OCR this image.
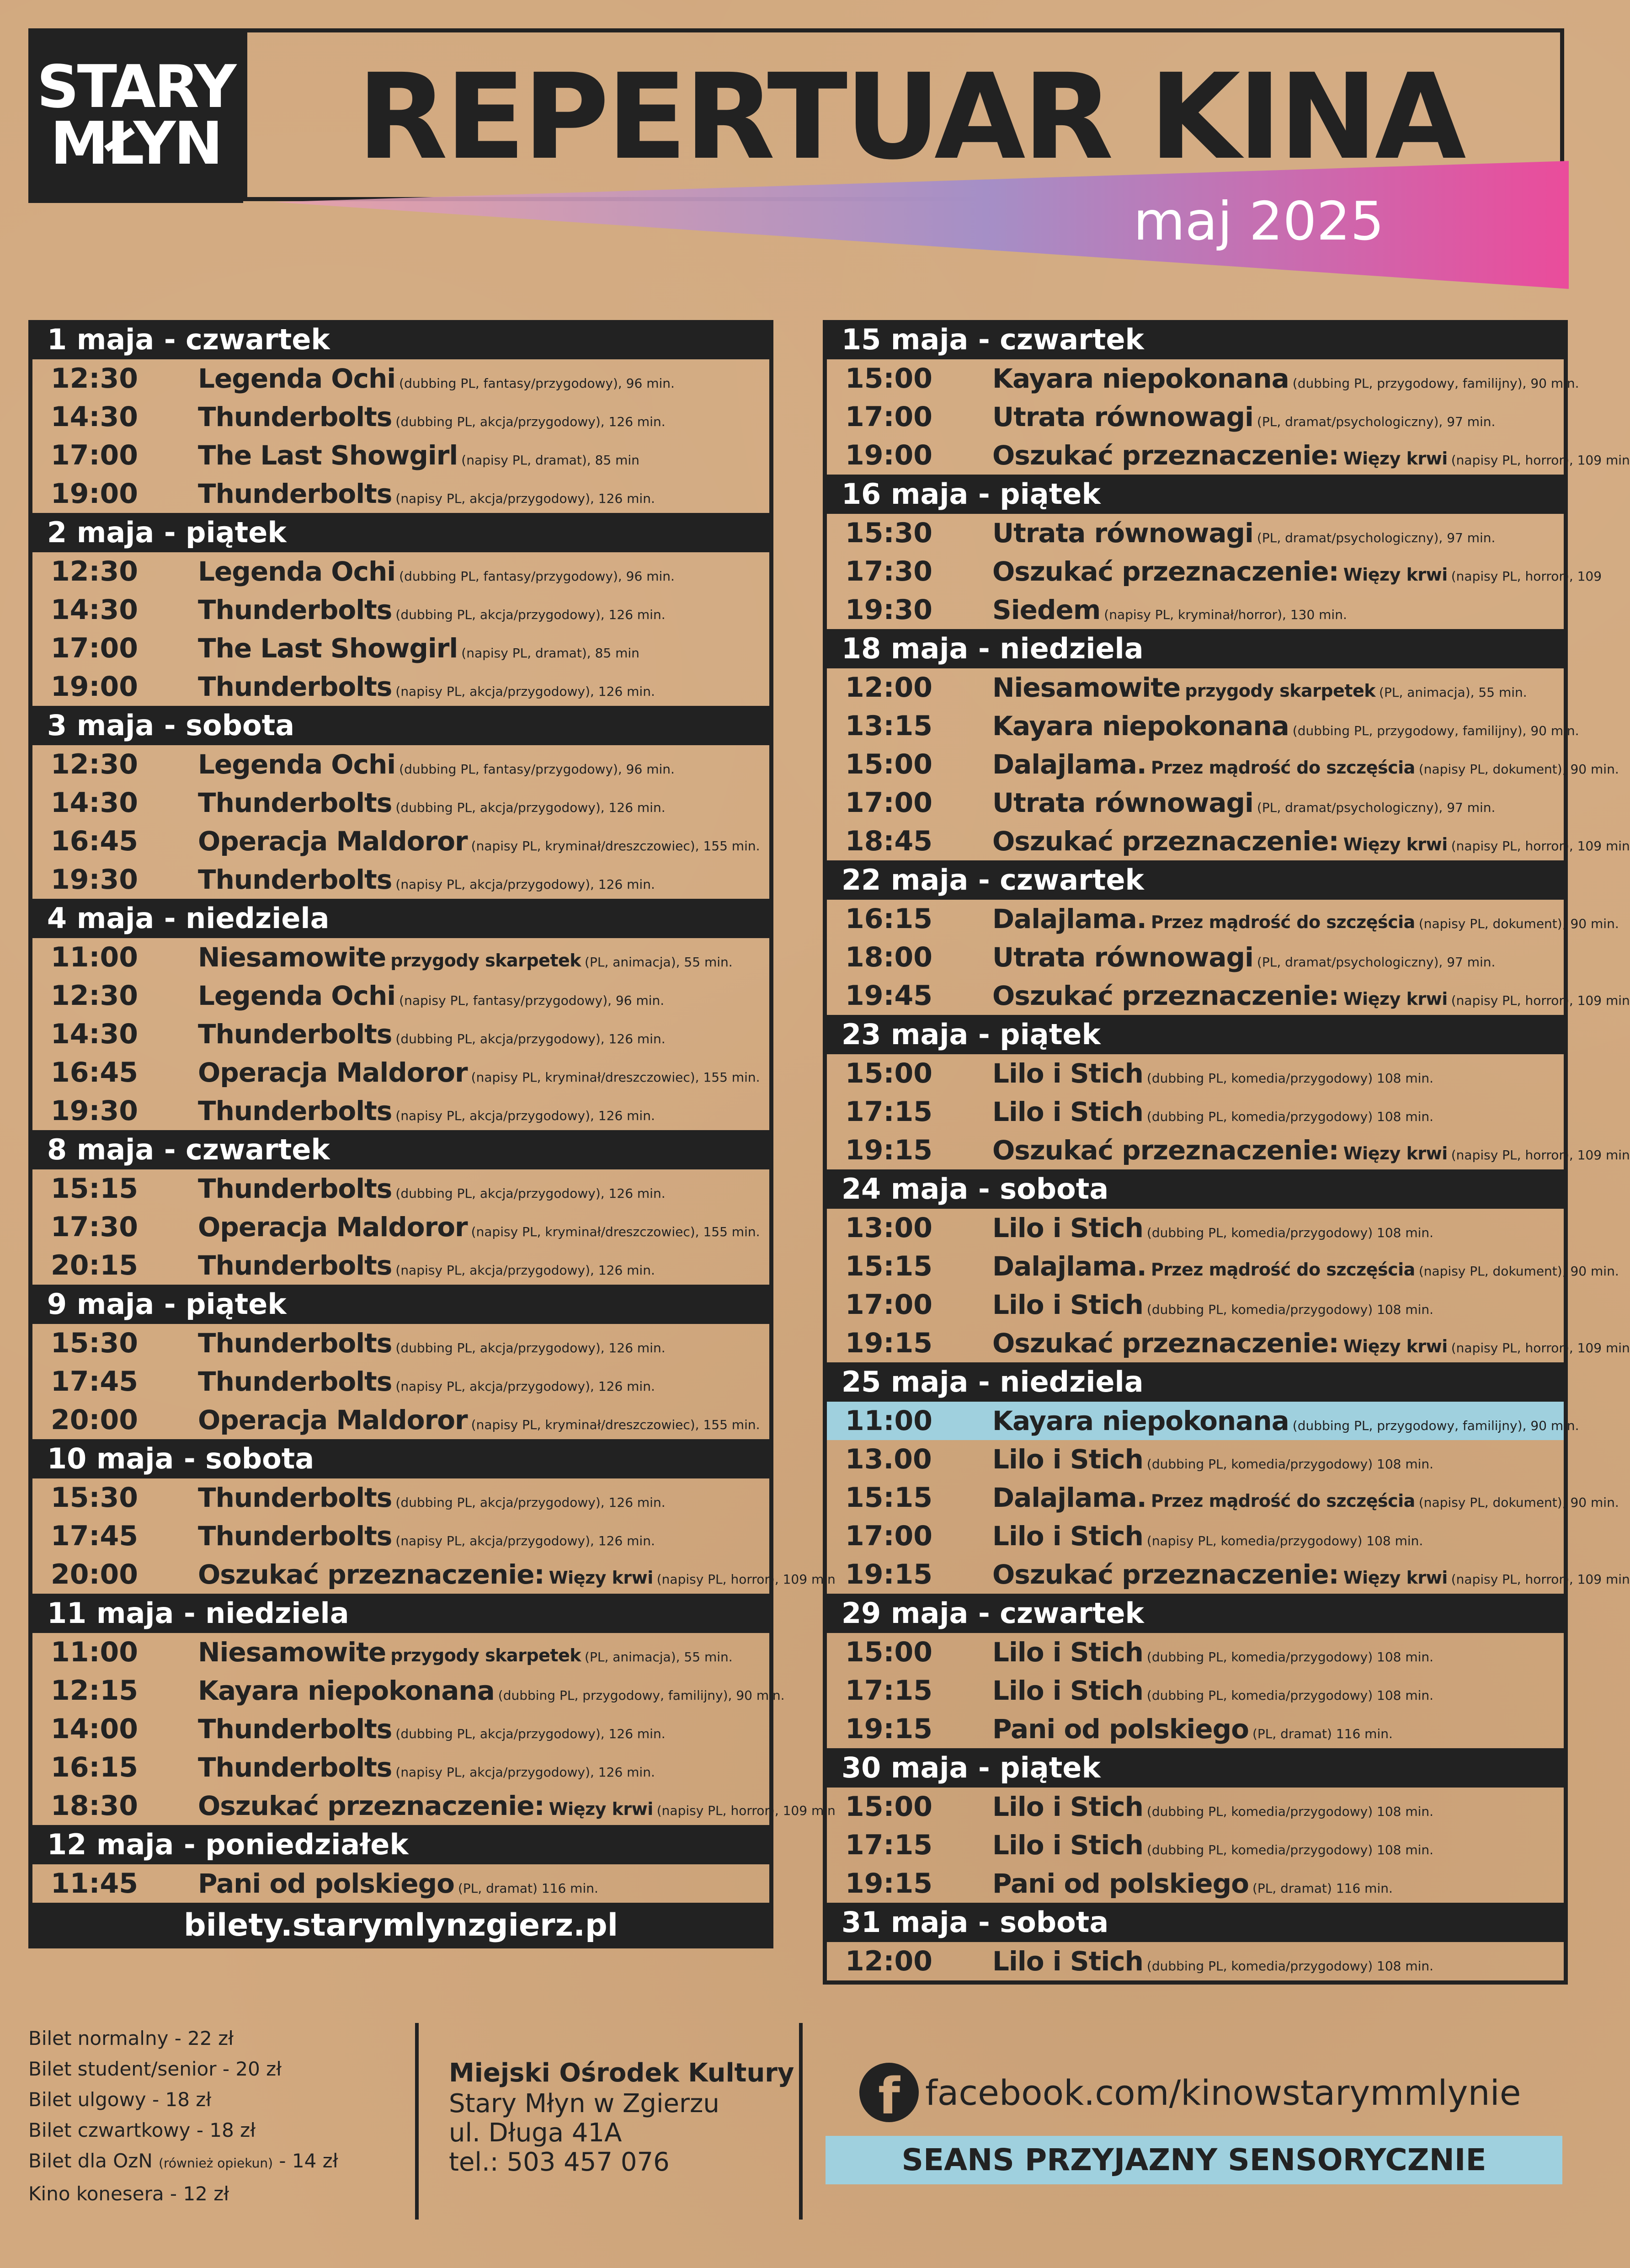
STARY
MŁYN REPERTUAR KINA
maj 2025
1 maja - czwartek
12:30	Legenda Ochi (dubbing PL, fantasy/przygodowy), 96 min.
14:30	Thunderbolts (dubbing PL, akcja/przygodowy), 126 min.
17:00	The Last Showgirl (napisy PL, dramat), 85 min
19:00	Thunderbolts (napisy PL, akcja/przygodowy), 126 min.
2 maja - piątek
12:30	Legenda Ochi (dubbing PL, fantasy/przygodowy), 96 min.
14:30	Thunderbolts (dubbing PL, akcja/przygodowy), 126 min.
17:00	The Last Showgirl (napisy PL, dramat), 85 min
19:00	Thunderbolts (napisy PL, akcja/przygodowy), 126 min.
3 maja - sobota
12:30	Legenda Ochi (dubbing PL, fantasy/przygodowy), 96 min.
14:30	Thunderbolts (dubbing PL, akcja/przygodowy), 126 min.
16:45	Operacja Maldoror (napisy PL, kryminał/dreszczowiec), 155 min.
19:30	Thunderbolts (napisy PL, akcja/przygodowy), 126 min.
4 maja - niedziela
11:00	Niesamowite przygody skarpetek (PL, animacja), 55 min.
12:30	Legenda Ochi (napisy PL, fantasy/przygodowy), 96 min.
14:30	Thunderbolts (dubbing PL, akcja/przygodowy), 126 min.
16:45	Operacja Maldoror (napisy PL, kryminał/dreszczowiec), 155 min.
19:30	Thunderbolts (napisy PL, akcja/przygodowy), 126 min.
8 maja - czwartek
15:15	Thunderbolts (dubbing PL, akcja/przygodowy), 126 min.
17:30	Operacja Maldoror (napisy PL, kryminał/dreszczowiec), 155 min.
20:15	Thunderbolts (napisy PL, akcja/przygodowy), 126 min.
9 maja - piątek
15:30	Thunderbolts (dubbing PL, akcja/przygodowy), 126 min.
17:45	Thunderbolts (napisy PL, akcja/przygodowy), 126 min.
20:00	Operacja Maldoror (napisy PL, kryminał/dreszczowiec), 155 min.
10 maja - sobota
15:30	Thunderbolts (dubbing PL, akcja/przygodowy), 126 min.
17:45	Thunderbolts (napisy PL, akcja/przygodowy), 126 min.
20:00	Oszukać przeznaczenie: Więzy krwi (napisy PL, horror), 109 min
11 maja - niedziela
11:00	Niesamowite przygody skarpetek (PL, animacja), 55 min.
12:15	Kayara niepokonana (dubbing PL, przygodowy, familijny), 90 min.
14:00	Thunderbolts (dubbing PL, akcja/przygodowy), 126 min.
16:15	Thunderbolts (napisy PL, akcja/przygodowy), 126 min.
18:30	Oszukać przeznaczenie: Więzy krwi (napisy PL, horror), 109 min
12 maja - poniedziałek
11:45	Pani od polskiego (PL, dramat) 116 min.
bilety.starymlynzgierz.pl
15 maja - czwartek
15:00	Kayara niepokonana (dubbing PL, przygodowy, familijny), 90 min.
17:00	Utrata równowagi (PL, dramat/psychologiczny), 97 min.
19:00	Oszukać przeznaczenie: Więzy krwi (napisy PL, horror), 109 min
16 maja - piątek
15:30	Utrata równowagi (PL, dramat/psychologiczny), 97 min.
17:30	Oszukać przeznaczenie: Więzy krwi (napisy PL, horror), 109
19:30	Siedem (napisy PL, kryminał/horror), 130 min.
18 maja - niedziela
12:00	Niesamowite przygody skarpetek (PL, animacja), 55 min.
13:15	Kayara niepokonana (dubbing PL, przygodowy, familijny), 90 min.
15:00	Dalajlama. Przez mądrość do szczęścia (napisy PL, dokument), 90 min.
17:00	Utrata równowagi (PL, dramat/psychologiczny), 97 min.
18:45	Oszukać przeznaczenie: Więzy krwi (napisy PL, horror), 109 min
22 maja - czwartek
16:15	Dalajlama. Przez mądrość do szczęścia (napisy PL, dokument), 90 min.
18:00	Utrata równowagi (PL, dramat/psychologiczny), 97 min.
19:45	Oszukać przeznaczenie: Więzy krwi (napisy PL, horror), 109 min
23 maja - piątek
15:00	Lilo i Stich (dubbing PL, komedia/przygodowy) 108 min.
17:15	Lilo i Stich (dubbing PL, komedia/przygodowy) 108 min.
19:15	Oszukać przeznaczenie: Więzy krwi (napisy PL, horror), 109 min
24 maja - sobota
13:00	Lilo i Stich (dubbing PL, komedia/przygodowy) 108 min.
15:15	Dalajlama. Przez mądrość do szczęścia (napisy PL, dokument), 90 min.
17:00	Lilo i Stich (dubbing PL, komedia/przygodowy) 108 min.
19:15	Oszukać przeznaczenie: Więzy krwi (napisy PL, horror), 109 min
25 maja - niedziela
11:00	Kayara niepokonana (dubbing PL, przygodowy, familijny), 90 min.
13.00	Lilo i Stich (dubbing PL, komedia/przygodowy) 108 min.
15:15	Dalajlama. Przez mądrość do szczęścia (napisy PL, dokument), 90 min.
17:00	Lilo i Stich (napisy PL, komedia/przygodowy) 108 min.
19:15	Oszukać przeznaczenie: Więzy krwi (napisy PL, horror), 109 min
29 maja - czwartek
15:00	Lilo i Stich (dubbing PL, komedia/przygodowy) 108 min.
17:15	Lilo i Stich (dubbing PL, komedia/przygodowy) 108 min.
19:15	Pani od polskiego (PL, dramat) 116 min.
30 maja - piątek
15:00	Lilo i Stich (dubbing PL, komedia/przygodowy) 108 min.
17:15	Lilo i Stich (dubbing PL, komedia/przygodowy) 108 min.
19:15	Pani od polskiego (PL, dramat) 116 min.
31 maja - sobota
12:00	Lilo i Stich (dubbing PL, komedia/przygodowy) 108 min.
Bilet normalny - 22 zł
Bilet student/senior - 20 zł
Bilet ulgowy - 18 zł
Bilet czwartkowy - 18 zł
Bilet dla OzN (również opiekun) - 14 zł
Kino konesera - 12 zł
Miejski Ośrodek Kultury
Stary Młyn w Zgierzu
ul. Długa 41A
tel.: 503 457 076
f facebook.com/kinowstarymmlynie
SEANS PRZYJAZNY SENSORYCZNIE
